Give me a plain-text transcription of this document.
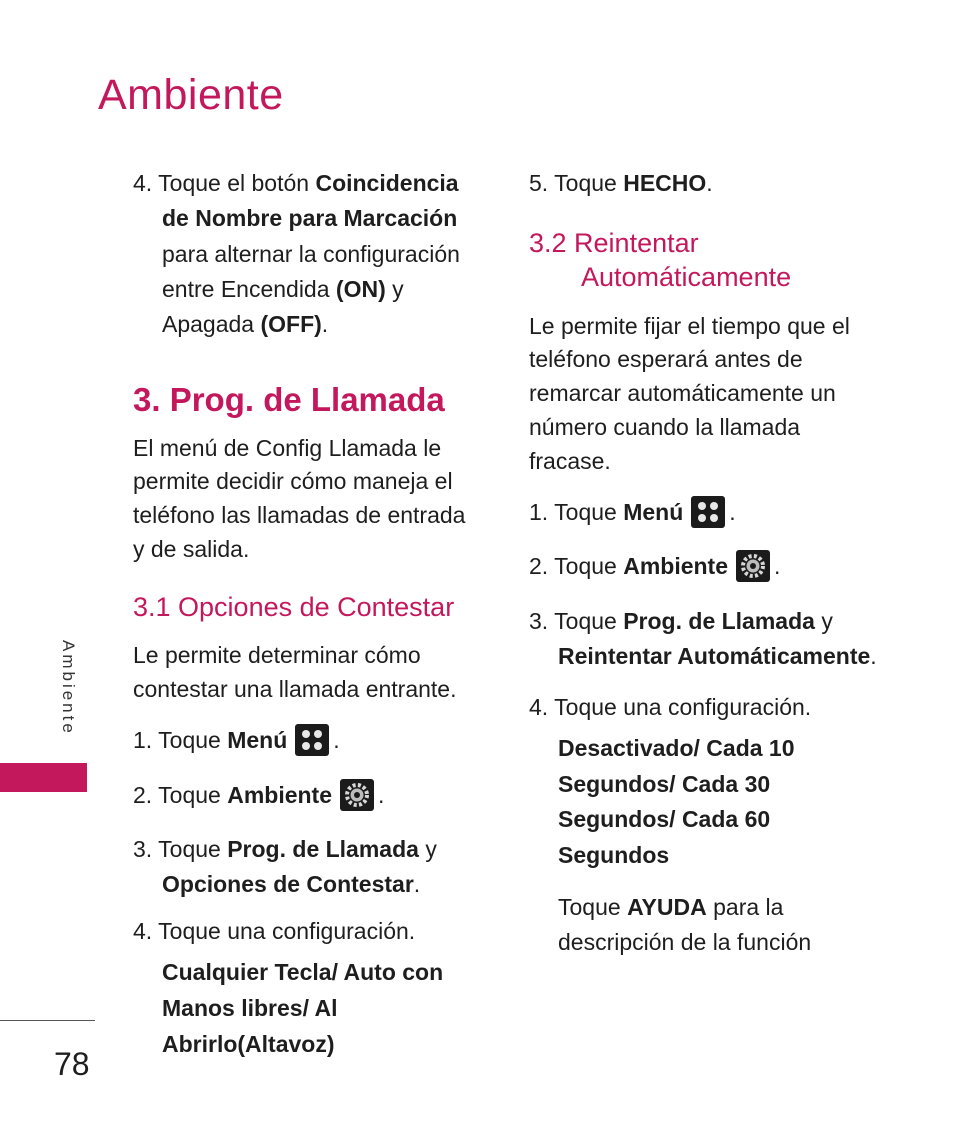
Ambiente
4. Toque el botón Coincidencia
de Nombre para Marcación
para alternar la configuración
entre Encendida (ON) y
Apagada (OFF).
3. Prog. de Llamada
El menú de Config Llamada le
permite decidir cómo maneja el
teléfono las llamadas de entrada
y de salida.
3.1 Opciones de Contestar
Le permite determinar cómo
contestar una llamada entrante.
1. Toque Menú .
2. Toque Ambiente .
3. Toque Prog. de Llamada y
Opciones de Contestar.
4. Toque una configuración.
Cualquier Tecla/ Auto con
Manos libres/ Al
Abrirlo(Altavoz)
5. Toque HECHO.
3.2 Reintentar
Automáticamente
Le permite fijar el tiempo que el
teléfono esperará antes de
remarcar automáticamente un
número cuando la llamada
fracase.
1. Toque Menú .
2. Toque Ambiente .
3. Toque Prog. de Llamada y
Reintentar Automáticamente.
4. Toque una configuración.
Desactivado/ Cada 10
Segundos/ Cada 30
Segundos/ Cada 60
Segundos
Toque AYUDA para la
descripción de la función
Ambiente
78
